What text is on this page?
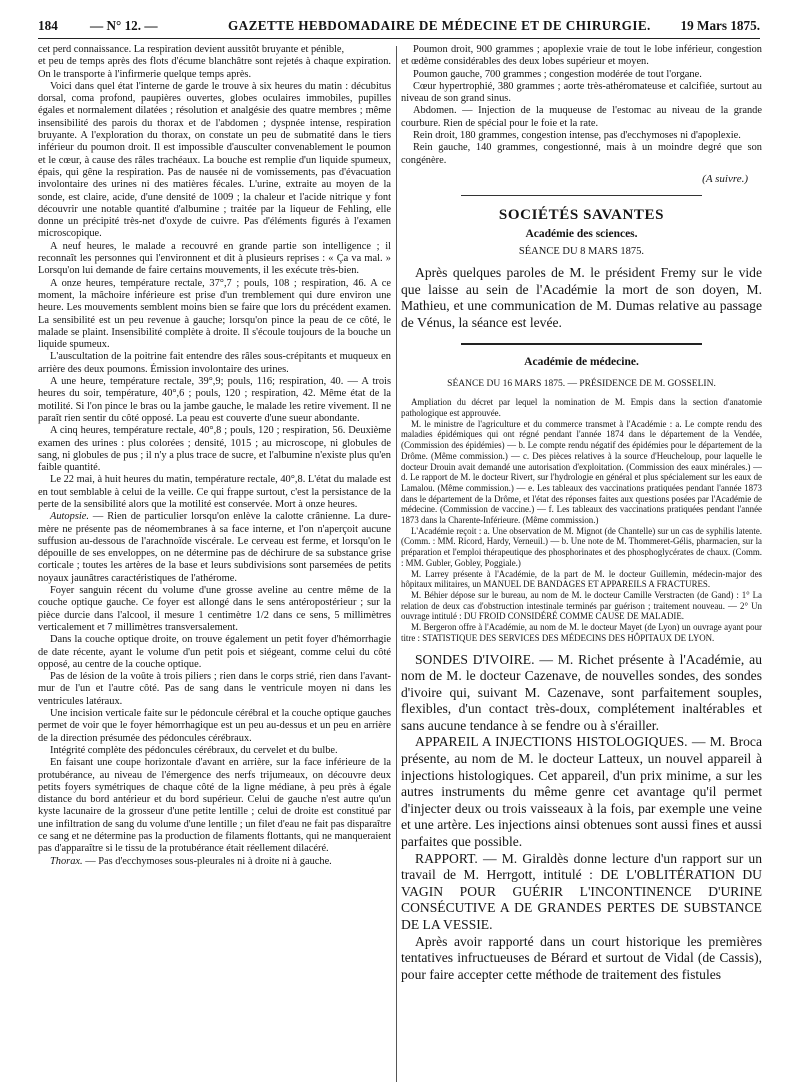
184 — N° 12. —	GAZETTE HEBDOMADAIRE DE MÉDECINE ET DE CHIRURGIE. 19 Mars 1875.

cet perd connaissance. La respiration devient aussitôt bruyante et pénible,

et peu de temps après des flots d'écume blanchâtre sont rejetés à chaque expiration. On le transporte à l'infirmerie quelque temps après.

Voici dans quel état l'interne de garde le trouve à six heures du matin : décubitus dorsal, coma profond, paupières ouvertes, globes oculaires immobiles, pupilles égales et normalement dilatées ; résolution et analgésie des quatre membres ; même insensibilité des parois du thorax et de l'abdomen ; dyspnée intense, respiration bruyante. A l'exploration du thorax, on constate un peu de submatité dans le tiers inférieur du poumon droit. Il est impossible d'ausculter convenablement le poumon et le cœur, à cause des râles trachéaux. La bouche est remplie d'un liquide spumeux, épais, qui gêne la respiration. Pas de nausée ni de vomissements, pas d'évacuation involontaire des urines ni des matières fécales. L'urine, extraite au moyen de la sonde, est claire, acide, d'une densité de 1009 ; la chaleur et l'acide nitrique y font découvrir une notable quantité d'albumine ; traitée par la liqueur de Fehling, elle donne un précipité très-net d'oxyde de cuivre. Pas d'éléments figurés à l'examen microscopique.

A neuf heures, le malade a recouvré en grande partie son intelligence ; il reconnaît les personnes qui l'environnent et dit à plusieurs reprises : « Ça va mal. » Lorsqu'on lui demande de faire certains mouvements, il les exécute très-bien.

A onze heures, température rectale, 37°,7 ; pouls, 108 ; respiration, 46. A ce moment, la mâchoire inférieure est prise d'un tremblement qui dure environ une heure. Les mouvements semblent moins bien se faire que lors du précédent examen. La sensibilité est un peu revenue à gauche; lorsqu'on pince la peau de ce côté, le malade se plaint. Insensibilité complète à droite. Il s'écoule toujours de la bouche un liquide spumeux.

L'auscultation de la poitrine fait entendre des râles sous-crépitants et muqueux en arrière des deux poumons. Émission involontaire des urines.

A une heure, température rectale, 39°,9; pouls, 116; respiration, 40. — A trois heures du soir, température, 40°,6 ; pouls, 120 ; respiration, 42. Même état de la motilité. Si l'on pince le bras ou la jambe gauche, le malade les retire vivement. Il ne paraît rien sentir du côté opposé. La peau est couverte d'une sueur abondante.

A cinq heures, température rectale, 40°,8 ; pouls, 120 ; respiration, 56. Deuxième examen des urines : plus colorées ; densité, 1015 ; au microscope, ni globules de sang, ni globules de pus ; il n'y a plus trace de sucre, et l'albumine n'existe plus qu'en faible quantité.

Le 22 mai, à huit heures du matin, température rectale, 40°,8. L'état du malade est en tout semblable à celui de la veille. Ce qui frappe surtout, c'est la persistance de la perte de la sensibilité alors que la motilité est conservée. Mort à onze heures.

Autopsie. — Rien de particulier lorsqu'on enlève la calotte crânienne. La dure-mère ne présente pas de néomembranes à sa face interne, et l'on n'aperçoit aucune suffusion au-dessous de l'arachnoïde viscérale. Le cerveau est ferme, et lorsqu'on le dépouille de ses enveloppes, on ne détermine pas de déchirure de sa substance grise corticale ; toutes les artères de la base et leurs subdivisions sont parsemées de petits noyaux jaunâtres caractéristiques de l'athérome.

Foyer sanguin récent du volume d'une grosse aveline au centre même de la couche optique gauche. Ce foyer est allongé dans le sens antéropostérieur ; sur la pièce durcie dans l'alcool, il mesure 1 centimètre 1/2 dans ce sens, 5 millimètres verticalement et 7 millimètres transversalement.

Dans la couche optique droite, on trouve également un petit foyer d'hémorrhagie de date récente, ayant le volume d'un petit pois et siégeant, comme celui du côté opposé, au centre de la couche optique.

Pas de lésion de la voûte à trois piliers ; rien dans le corps strié, rien dans l'avant-mur de l'un et l'autre côté. Pas de sang dans le ventricule moyen ni dans les ventricules latéraux.

Une incision verticale faite sur le pédoncule cérébral et la couche optique gauches permet de voir que le foyer hémorrhagique est un peu au-dessus et un peu en arrière de la direction présumée des pédoncules cérébraux.

Intégrité complète des pédoncules cérébraux, du cervelet et du bulbe.

En faisant une coupe horizontale d'avant en arrière, sur la face inférieure de la protubérance, au niveau de l'émergence des nerfs trijumeaux, on découvre deux petits foyers symétriques de chaque côté de la ligne médiane, à peu près à égale distance du bord antérieur et du bord supérieur. Celui de gauche n'est autre qu'un kyste lacunaire de la grosseur d'une petite lentille ; celui de droite est constitué par une infiltration de sang du volume d'une lentille ; un filet d'eau ne fait pas disparaître ce sang et ne détermine pas la production de filaments flottants, qui ne manqueraient pas d'apparaître si le tissu de la protubérance était réellement dilacéré.

Thorax. — Pas d'ecchymoses sous-pleurales ni à droite ni à gauche.

Poumon droit, 900 grammes ; apoplexie vraie de tout le lobe inférieur, congestion et œdème considérables des deux lobes supérieur et moyen.

Poumon gauche, 700 grammes ; congestion modérée de tout l'organe.

Cœur hypertrophié, 380 grammes ; aorte très-athéromateuse et calcifiée, surtout au niveau de son grand sinus.

Abdomen. — Injection de la muqueuse de l'estomac au niveau de la grande courbure. Rien de spécial pour le foie et la rate.

Rein droit, 180 grammes, congestion intense, pas d'ecchymoses ni d'apoplexie.

Rein gauche, 140 grammes, congestionné, mais à un moindre degré que son congénère.

(A suivre.)

SOCIÉTÉS SAVANTES
Académie des sciences.
SÉANCE DU 8 MARS 1875.

Après quelques paroles de M. le président Fremy sur le vide que laisse au sein de l'Académie la mort de son doyen, M. Mathieu, et une communication de M. Dumas relative au passage de Vénus, la séance est levée.

Académie de médecine.
SÉANCE DU 16 MARS 1875. — PRÉSIDENCE DE M. GOSSELIN.

Ampliation du décret par lequel la nomination de M. Empis dans la section d'anatomie pathologique est approuvée.

M. le ministre de l'agriculture et du commerce transmet à l'Académie : a. Le compte rendu des maladies épidémiques qui ont régné pendant l'année 1874 dans le département de la Vendée, (Commission des épidémies) — b. Le compte rendu négatif des épidémies pour le département de la Drôme. (Même commission.) — c. Des pièces relatives à la source d'Heucheloup, pour laquelle le docteur Drouin avait demandé une autorisation d'exploitation. (Commission des eaux minérales.) — d. Le rapport de M. le docteur Rivert, sur l'hydrologie en général et plus spécialement sur les eaux de Lamalou. (Même commission.) — e. Les tableaux des vaccinations pratiquées pendant l'année 1873 dans le département de la Drôme, et l'état des réponses faites aux questions posées par l'Académie de médecine. (Commission de vaccine.) — f. Les tableaux des vaccinations pratiquées pendant l'année 1873 dans la Charente-Inférieure. (Même commission.)

L'Académie reçoit : a. Une observation de M. Mignot (de Chantelle) sur un cas de syphilis latente. (Comm. : MM. Ricord, Hardy, Verneuil.) — b. Une note de M. Thommeret-Gélis, pharmacien, sur la préparation et l'emploi thérapeutique des phosphorinates et des phosphoglycérates de chaux. (Comm. : MM. Gubler, Gobley, Poggiale.)

M. Larrey présente à l'Académie, de la part de M. le docteur Guillemin, médecin-major des hôpitaux militaires, un MANUEL DE BANDAGES ET APPAREILS A FRACTURES.

M. Béhier dépose sur le bureau, au nom de M. le docteur Camille Verstracten (de Gand) : 1° La relation de deux cas d'obstruction intestinale terminés par guérison ; traitement nouveau. — 2° Un ouvrage intitulé : DU FROID CONSIDÉRÉ COMME CAUSE DE MALADIE.

M. Bergeron offre à l'Académie, au nom de M. le docteur Mayet (de Lyon) un ouvrage ayant pour titre : STATISTIQUE DES SERVICES DES MÉDECINS DES HÔPITAUX DE LYON.

SONDES D'IVOIRE. — M. Richet présente à l'Académie, au nom de M. le docteur Cazenave, de nouvelles sondes, des sondes d'ivoire qui, suivant M. Cazenave, sont parfaitement souples, flexibles, d'un contact très-doux, complétement inaltérables et sans aucune tendance à se fendre ou à s'érailler.

APPAREIL A INJECTIONS HISTOLOGIQUES. — M. Broca présente, au nom de M. le docteur Latteux, un nouvel appareil à injections histologiques. Cet appareil, d'un prix minime, a sur les autres instruments du même genre cet avantage qu'il permet d'injecter deux ou trois vaisseaux à la fois, par exemple une veine et une artère. Les injections ainsi obtenues sont aussi fines et aussi parfaites que possible.

RAPPORT. — M. Giraldès donne lecture d'un rapport sur un travail de M. Herrgott, intitulé : DE L'OBLITÉRATION DU VAGIN POUR GUÉRIR L'INCONTINENCE D'URINE CONSÉCUTIVE A DE GRANDES PERTES DE SUBSTANCE DE LA VESSIE.

Après avoir rapporté dans un court historique les premières tentatives infructueuses de Bérard et surtout de Vidal (de Cassis), pour faire accepter cette méthode de traitement des fistules
